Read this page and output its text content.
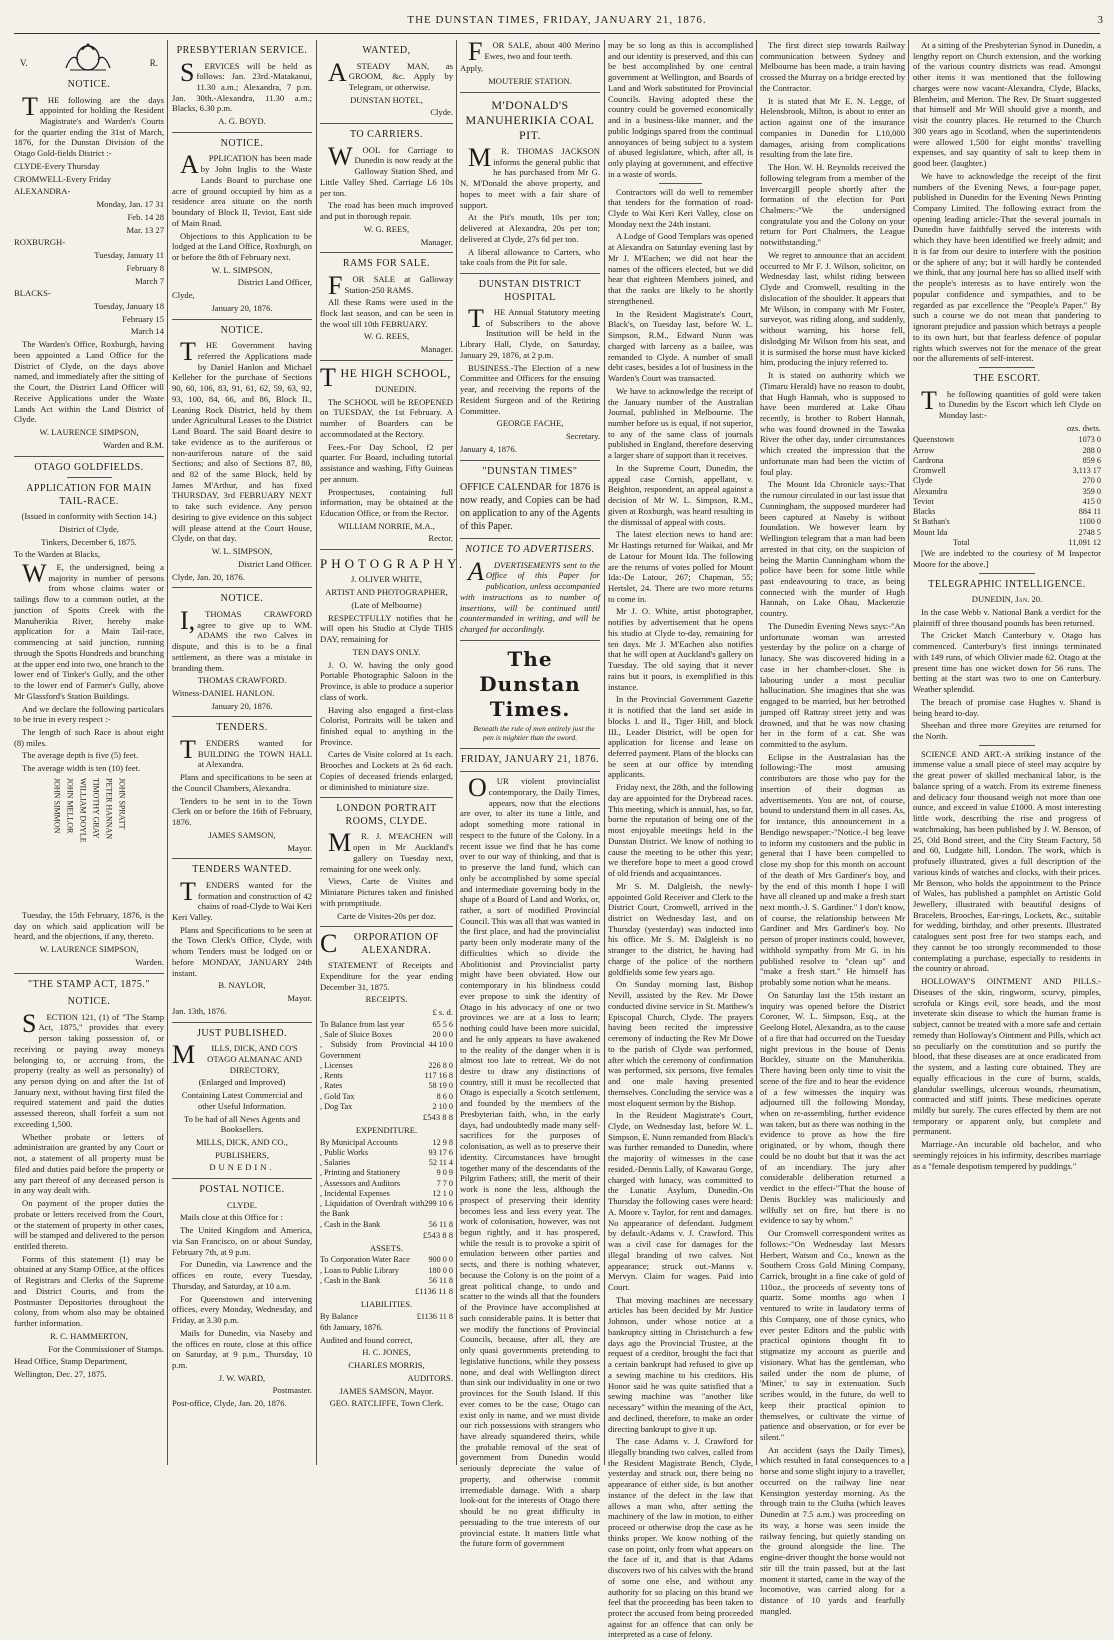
THE DUNSTAN TIMES, FRIDAY, JANUARY 21, 1876.	3
V.	R.
NOTICE.

THE following are the days appointed for holding the Resident Magistrate's and Warden's Courts for the quarter ending the 31st of March, 1876, for the Dunstan Division of the Otago Gold-fields District :-

CLYDE-Every Thursday

CROMWELL-Every Friday

ALEXANDRA-

Monday, Jan. 17 31

Feb. 14 28

Mar. 13 27

ROXBURGH-

Tuesday, January 11

February 8

March 7

BLACKS-

Tuesday, January 18

February 15

March 14

The Warden's Office, Roxburgh, having been appointed a Land Office for the District of Clyde, on the days above named, and immediately after the sitting of the Court, the District Land Officer will Receive Applications under the Waste Lands Act within the Land District of Clyde.

W. LAURENCE SIMPSON,

Warden and R.M.

OTAGO GOLDFIELDS.
APPLICATION FOR MAIN TAIL-RACE.

(Issued in conformity with Section 14.)

District of Clyde,

Tinkers, December 6, 1875.

To the Warden at Blacks,

WE, the undersigned, being a majority in number of persons from whose claims water or tailings flow to a common outlet, at the junction of Spotts Creek with the Manuherikia River, hereby make application for a Main Tail-race, commencing at said junction, running through the Spotts Hundreds and branching at the upper end into two, one branch to the lower end of Tinker's Gully, and the other to the lower end of Farmer's Gully, above Mr Glassford's Station Buildings.

And we declare the following particulars to be true in every respect :-

The length of such Race is about eight (8) miles.

The average depth is five (5) feet.

The average width is ten (10) feet.

JOHN SPRATT
PETER HANNAN
TIMOTHY GRAY
WILLIAM DOYLE
JOHN MELLOR
JOHN SIMMON

Tuesday, the 15th February, 1876, is the day on which said application will be heard, and the objections, if any, thereto.

W. LAURENCE SIMPSON,

Warden.

"THE STAMP ACT, 1875."
NOTICE.

SECTION 121, (1) of "The Stamp Act, 1875," provides that every person taking possession of, or receiving or paying away moneys belonging to, or accruing from, the property (realty as well as personalty) of any person dying on and after the 1st of January next, without having first filed the required statement and paid the duties assessed thereon, shall forfeit a sum not exceeding 1,500.

Whether probate or letters of administration are granted by any Court or not, a statement of all property must be filed and duties paid before the property or any part thereof of any deceased person is in any way dealt with.

On payment of the proper duties the probate or letters received from the Court, or the statement of property in other cases, will be stamped and delivered to the person entitled thereto.

Forms of this statement (1) may be obtained at any Stamp Office, at the offices of Registrars and Clerks of the Supreme and District Courts, and from the Postmaster Depositories throughout the colony, from whom also may be obtained further information.

R. C. HAMMERTON,

For the Commissioner of Stamps.

Head Office, Stamp Department,

Wellington, Dec. 27, 1875.

PRESBYTERIAN SERVICE.

SERVICES will be held as follows: Jan. 23rd.-Matakanui, 11.30 a.m.; Alexandra, 7 p.m. Jan. 30th.-Alexandra, 11.30 a.m.; Blacks, 6.30 p.m.

A. G. BOYD.

NOTICE.

APPLICATION has been made by John Inglis to the Waste Lands Board to purchase one acre of ground occupied by him as a residence area situate on the north boundary of Block II, Teviot, East side of Main Road.

Objections to this Application to be lodged at the Land Office, Roxburgh, on or before the 8th of February next.

W. L. SIMPSON,

District Land Officer,

Clyde,

January 20, 1876.

NOTICE.

THE Government having referred the Applications made by Daniel Hanlon and Michael Kelleher for the purchase of Sections 90, 60, 106, 83, 91, 61, 62, 59, 63, 92, 93, 100, 84, 66, and 86, Block II., Leaning Rock District, held by them under Agricultural Leases to the District Land Board. The said Board desire to take evidence as to the auriferous or non-auriferous nature of the said Sections; and also of Sections 87, 80, and 82 of the same Block, held by James M'Arthur, and has fixed THURSDAY, 3rd FEBRUARY NEXT to take such evidence. Any person desiring to give evidence on this subject will please attend at the Court House, Clyde, on that day.

W. L. SIMPSON,

District Land Officer.

Clyde, Jan. 20, 1876.

NOTICE.

I,THOMAS CRAWFORD agree to give up to WM. ADAMS the two Calves in dispute, and this is to be a final settlement, as there was a mistake in branding them.

THOMAS CRAWFORD.

Witness-DANIEL HANLON.

January 20, 1876.

TENDERS.

TENDERS wanted for BUILDING the TOWN HALL at Alexandra.

Plans and specifications to be seen at the Council Chambers, Alexandra.

Tenders to be sent in to the Town Clerk on or before the 16th of February, 1876.

JAMES SAMSON,

Mayor.

TENDERS WANTED.

TENDERS wanted for the formation and construction of 42 chains of road-Clyde to Wai Keri Keri Valley.

Plans and Specifications to be seen at the Town Clerk's Office, Clyde, with whom Tenders must be lodged on or before MONDAY, JANUARY 24th instant.

B. NAYLOR,

Mayor.

Jan. 13th, 1876.

JUST PUBLISHED.

MILLS, DICK, AND CO'S OTAGO ALMANAC AND DIRECTORY,

(Enlarged and Improved)

Containing Latest Commercial and other Useful Information.

To be had of all News Agents and Booksellers.

MILLS, DICK, AND CO.,

PUBLISHERS,

DUNEDIN.

POSTAL NOTICE.

CLYDE.

Mails close at this Office for :

The United Kingdom and America, via San Francisco, on or about Sunday, February 7th, at 9 p.m.

For Dunedin, via Lawrence and the offices en route, every Tuesday, Thursday, and Saturday, at 10 a.m.

For Queenstown and intervening offices, every Monday, Wednesday, and Friday, at 3.30 p.m.

Mails for Dunedin, via Naseby and the offices en route, close at this office on Saturday, at 9 p.m., Thursday, 10 p.m.

J. W. WARD,

Postmaster.

Post-office, Clyde, Jan. 20, 1876.

WANTED,

ASTEADY MAN, as GROOM, &c. Apply by Telegram, or otherwise.

DUNSTAN HOTEL,

Clyde.

TO CARRIERS.

WOOL for Carriage to Dunedin is now ready at the Galloway Station Shed, and Little Valley Shed. Carriage L6 10s per ton.

The road has been much improved and put in thorough repair.

W. G. REES,

Manager.

RAMS FOR SALE.

FOR SALE at Galloway Station-250 RAMS.

All these Rams were used in the flock last season, and can be seen in the wool till 10th FEBRUARY.

W. G. REES,

Manager.

THE HIGH SCHOOL,

DUNEDIN.

The SCHOOL will be REOPENED on TUESDAY, the 1st February. A number of Boarders can be accommodated at the Rectory.

Fees.-For Day School, f2 per quarter. For Board, including tutorial assistance and washing, Fifty Guineas per annum.

Prospectuses, containing full information, may be obtained at the Education Office, or from the Rector.

WILLIAM NORRIE, M.A.,

Rector.

PHOTOGRAPHY.

J. OLIVER WHITE,

ARTIST AND PHOTOGRAPHER,

(Late of Melbourne)

RESPECTFULLY notifies that he will open his Studio at Clyde THIS DAY, remaining for

TEN DAYS ONLY.

J. O. W. having the only good Portable Photographic Saloon in the Province, is able to produce a superior class of work.

Having also engaged a first-class Colorist, Portraits will be taken and finished equal to anything in the Province.

Cartes de Visite colored at 1s each. Brooches and Lockets at 2s 6d each. Copies of deceased friends enlarged, or diminished to miniature size.

LONDON PORTRAIT ROOMS, CLYDE.

MR. J. M'EACHEN will open in Mr Auckland's gallery on Tuesday next, remaining for one week only.

Views, Carte de Visites and Miniature Pictures taken and finished with promptitude.

Carte de Visites-20s per doz.

CORPORATION OF ALEXANDRA.

STATEMENT of Receipts and Expenditure for the year ending December 31, 1875.

RECEIPTS.

£ s. d.

To Balance from last year	65 5 6
, Sale of Sluice Boxes	20 0 0
, Subsidy from Provincial Government	44 10 0
, Licenses	226 8 0
, Rents	117 16 8
, Rates	58 19 0
, Gold Tax	8 6 0
, Dog Tax	2 10 0

£543 8 8

EXPENDITURE.

By Municipal Accounts	12 9 8
, Public Works	93 17 6
, Salaries	52 11 4
, Printing and Stationery	9 0 9
, Assessors and Auditors	7 7 0
, Incidental Expenses	12 1 0
, Liquidation of Overdraft with the Bank	299 10 6
, Cash in the Bank	56 11 8

£543 8 8

ASSETS.

To Corporation Water Race	900 0 0
, Loan to Public Library	180 0 0
, Cash in the Bank	56 11 8

£1136 11 8

LIABILITIES.

By Balance	£1136 11 8

6th January, 1876.

Audited and found correct,

H. C. JONES,

CHARLES MORRIS,

AUDITORS.

JAMES SAMSON, Mayor.

GEO. RATCLIFFE, Town Clerk.

FOR SALE, about 400 Merino Ewes, two and four teeth.

Apply,

MOUTERIE STATION.

M'DONALD'S MANUHERIKIA COAL PIT.

MR. THOMAS JACKSON informs the general public that he has purchased from Mr G. N. M'Donald the above property, and hopes to meet with a fair share of support.

At the Pit's mouth, 10s per ton; delivered at Alexandra, 20s per ton; delivered at Clyde, 27s 6d per ton.

A liberal allowance to Carters, who take coals from the Pit for sale.

DUNSTAN DISTRICT HOSPITAL

THE Annual Statutory meeting of Subscribers to the above Institution will be held in the Library Hall, Clyde, on Saturday, January 29, 1876, at 2 p.m.

BUSINESS.-The Election of a new Committee and Officers for the ensuing year, and receiving the reports of the Resident Surgeon and of the Retiring Committee.

GEORGE FACHE,

Secretary.

January 4, 1876.

"DUNSTAN TIMES"

OFFICE CALENDAR for 1876 is now ready, and Copies can be had on application to any of the Agents of this Paper.

NOTICE TO ADVERTISERS.

ADVERTISEMENTS sent to the Office of this Paper for publication, unless accompanied with instructions as to number of insertions, will be continued until countermanded in writing, and will be charged for accordingly.

The Dunstan Times.

Beneath the rule of men entirely just the pen is mightier than the sword.

FRIDAY, JANUARY 21, 1876.

OUR violent provincialist contemporary, the Daily Times, appears, now that the elections are over, to alter its tune a little, and adopt something more rational in respect to the future of the Colony. In a recent issue we find that he has come over to our way of thinking, and that is to preserve the land fund, which can only be accomplished by some special and intermediate governing body in the shape of a Board of Land and Works, or, rather, a sort of modified Provincial Council. This was all that was wanted in the first place, and had the provincialist party been only moderate many of the difficulties which so divide the Abolitionist and Provincialist party might have been obviated. How our contemporary in his blindness could ever propose to sink the identity of Otago in his advocacy of one or two provinces we are at a loss to learn; nothing could have been more suicidal, and he only appears to have awakened to the reality of the danger when it is almost too late to retreat. We do not desire to draw any distinctions of country, still it must be recollected that Otago is especially a Scotch settlement, and founded by the members of the Presbyterian faith, who, in the early days, had undoubtedly made many self-sacrifices for the purposes of colonisation, as well as to preserve their identity. Circumstances have brought together many of the descendants of the Pilgrim Fathers; still, the merit of their work is none the less, although the prospect of preserving their identity becomes less and less every year. The work of colonisation, however, was not begun rightly, and it has prospered, while the result is to provoke a spirit of emulation between other parties and sects, and there is nothing whatever, because the Colony is on the point of a great political change, to undo and scatter to the winds all that the founders of the Province have accomplished at such considerable pains. It is better that we modify the functions of Provincial Councils, because, after all, they are only quasi governments pretending to legislative functions, while they possess none, and deal with Wellington direct than sink our individuality in one or two provinces for the South Island. If this ever comes to be the case, Otago can exist only in name, and we must divide our rich possessions with strangers who have already squandered theirs, while the probable removal of the seat of government from Dunedin would seriously depreciate the value of property, and otherwise commit irremediable damage. With a sharp look-out for the interests of Otago there should be no great difficulty in persuading to the true interests of our provincial estate. It matters little what the future form of government

may be so long as this is accomplished and our identity is preserved, and this can be best accomplished by one central government at Wellington, and Boards of Land and Work substituted for Provincial Councils. Having adopted these the country could be governed economically and in a business-like manner, and the public lodgings spared from the continual annoyances of being subject to a system of abused legislature, which, after all, is only playing at government, and effective in a waste of words.

Contractors will do well to remember that tenders for the formation of road-Clyde to Wai Keri Keri Valley, close on Monday next the 24th instant.

A Lodge of Good Templars was opened at Alexandra on Saturday evening last by Mr J. M'Eachen; we did not hear the names of the officers elected, but we did hear that eighteen Members joined, and that the ranks are likely to be shortly strengthened.

In the Resident Magistrate's Court, Black's, on Tuesday last, before W. L. Simpson, R.M., Edward Nunn was charged with larceny as a bailee, was remanded to Clyde. A number of small debt cases, besides a lot of business in the Warden's Court was transacted.

We have to acknowledge the receipt of the January number of the Australian Journal, published in Melbourne. The number before us is equal, if not superior, to any of the same class of journals published in England, therefore deserving a larger share of support than it receives.

In the Supreme Court, Dunedin, the appeal case Cornish, appellant, v. Beighton, respondent, an appeal against a decision of Mr W. L. Simpson, R.M., given at Roxburgh, was heard resulting in the dismissal of appeal with costs.

The latest election news to hand are: Mr Hastings returned for Waikai, and Mr de Latour for Mount Ida. The following are the returns of votes polled for Mount Ida:-De Latour, 267; Chapman, 55; Hertslet, 24. There are two more returns to come in.

Mr J. O. White, artist photographer, notifies by advertisement that he opens his studio at Clyde to-day, remaining for ten days. Mr J. M'Eachen also notifies that he will open at Auckland's gallery on Tuesday. The old saying that it never rains but it pours, is exemplified in this instance.

In the Provincial Government Gazette it is notified that the land set aside in blocks I. and II., Tiger Hill, and block III., Leader District, will be open for application for license and lease on deferred payment. Plans of the blocks can be seen at our office by intending applicants.

Friday next, the 28th, and the following day are appointed for the Drybread races. This meeting, which is annual, has, so far, borne the reputation of being one of the most enjoyable meetings held in the Dunstan District. We know of nothing to cause the meeting to be other this year; we therefore hope to meet a good crowd of old friends and acquaintances.

Mr S. M. Dalgleish, the newly-appointed Gold Receiver and Clerk to the District Court, Cromwell, arrived in the district on Wednesday last, and on Thursday (yesterday) was inducted into his office. Mr S. M. Dalgleish is no stranger to the district, he having had charge of the police of the northern goldfields some few years ago.

On Sunday morning last, Bishop Nevill, assisted by the Rev. Mr Dowe conducted divine service in St. Matthew's Episcopal Church, Clyde. The prayers having been recited the impressive ceremony of inducting the Rev Mr Dowe to the parish of Clyde was performed, after which the ceremony of confirmation was performed, six persons, five females and one male having presented themselves. Concluding the service was a most eloquent sermon by the Bishop.

In the Resident Magistrate's Court, Clyde, on Wednesday last, before W. L. Simpson, E. Nunn remanded from Black's was further remanded to Dunedin, where the majority of witnesses in the case resided.-Dennis Lally, of Kawarau Gorge, charged with lunacy, was committed to the Lunatic Asylum, Dunedin.-On Thursday the following cases were heard: A. Moore v. Taylor, for rent and damages. No appearance of defendant. Judgment by default.-Adams v. J. Crawford. This was a civil case for damages for the illegal branding of two calves. Not appearance; struck out.-Manns v. Mervyn. Claim for wages. Paid into Court.

That moving machines are necessary articles has been decided by Mr Justice Johnson, under whose notice at a bankruptcy sitting in Christchurch a few days ago the Provincial Trustee, at the request of a creditor, brought the fact that a certain bankrupt had refused to give up a sewing machine to his creditors. His Honor said he was quite satisfied that a sewing machine was "another like necessary" within the meaning of the Act, and declined, therefore, to make an order directing bankrupt to give it up.

The case Adams v. J. Crawford for illegally branding two calves, called from the Resident Magistrate Bench, Clyde, yesterday and struck out, there being no appearance of either side, is but another instance of the defect in the law that allows a man who, after setting the machinery of the law in motion, to either proceed or otherwise drop the case as he thinks proper. We know nothing of the case on point, only from what appears on the face of it, and that is that Adams discovers two of his calves with the brand of some one else, and without any authority for so placing on this brand we feel that the proceeding has been taken to protect the accused from being proceeded against for an offence that can only be interpreted as a case of felony.

The first direct step towards Railway communication between Sydney and Melbourne has been made, a train having crossed the Murray on a bridge erected by the Contractor.

It is stated that Mr E. N. Legge, of Helensbrook, Milton, is about to enter an action against one of the insurance companies in Dunedin for L10,000 damages, arising from complications resulting from the late fire.

The Hon. W. H. Reynolds received the following telegram from a member of the Invercargill people shortly after the formation of the election for Port Chalmers:-"We the undersigned congratulate you and the Colony on your return for Port Chalmers, the League notwithstanding."

We regret to announce that an accident occurred to Mr F. J. Wilson, solicitor, on Wednesday last, whilst riding between Clyde and Cromwell, resulting in the dislocation of the shoulder. It appears that Mr Wilson, in company with Mr Foster, surveyor, was riding along, and suddenly, without warning, his horse fell, dislodging Mr Wilson from his seat, and it is surmised the horse must have kicked him, producing the injury referred to.

It is stated on authority which we (Timaru Herald) have no reason to doubt, that Hugh Hannah, who is supposed to have been murdered at Lake Ohau recently, is brother to Robert Hannah, who was found drowned in the Tawaka River the other day, under circumstances which created the impression that the unfortunate man had been the victim of foul play.

The Mount Ida Chronicle says:-That the rumour circulated in our last issue that Cunningham, the supposed murderer had been captured at Naseby is without foundation. We however learn by Wellington telegram that a man had been arrested in that city, on the suspicion of being the Martin Cunningham whom the police have been for some little while past endeavouring to trace, as being connected with the murder of Hugh Hannah, on Lake Ohau, Mackenzie country.

The Dunedin Evening News says:-"An unfortunate woman was arrested yesterday by the police on a charge of lunacy. She was discovered hiding in a case in her chamber-closet. She is labouring under a most peculiar hallucination. She imagines that she was engaged to be married, but her betrothed jumped off Rattray street jetty and was drowned, and that he was now chasing her in the form of a cat. She was committed to the asylum.

Eclipse in the Australasian has the following:-The most amusing contributors are those who pay for the insertion of their dogmas as advertisements. You are not, of course, bound to understand them in all cases. As, for instance, this announcement in a Bendigo newspaper:-"Notice.-I beg leave to inform my customers and the public in general that I have been compelled to close my shop for this month on account of the death of Mrs Gardiner's boy, and by the end of this month I hope I will have all cleaned up and make a fresh start next month.-J. S. Gardiner." I don't know, of course, the relationship between Mr Gardiner and Mrs Gardiner's boy. No person of proper instincts could, however, withhold sympathy from Mr G. in his published resolve to "clean up" and "make a fresh start." He himself has probably some notion what he means.

On Saturday last the 15th instant an inquiry was opened before the District Coroner, W. L. Simpson, Esq., at the Geelong Hotel, Alexandra, as to the cause of a fire that had occurred on the Tuesday night previous in the house of Denis Buckley, situate on the Manuherikia. There having been only time to visit the scene of the fire and to hear the evidence of a few witnesses the inquiry was adjourned till the following Monday, when on re-assembling, further evidence was taken, but as there was nothing in the evidence to prove as how the fire originated, or by whom, though there could be no doubt but that it was the act of an incendiary. The jury after considerable deliberation returned a verdict to the effect-"That the house of Denis Buckley was maliciously and wilfully set on fire, but there is no evidence to say by whom."

Our Cromwell correspondent writes as follows:-"On Wednesday last Messrs Herbert, Watson and Co., known as the Southern Cross Gold Mining Company, Carrick, brought in a fine cake of gold of 110oz., the proceeds of seventy tons of quartz. Some months ago when I ventured to write in laudatory terms of this Company, one of those cynics, who ever pester Editors and the public with practical opinions thought fit to stigmatize my account as puerile and visionary. What has the gentleman, who sailed under the nom de plume, of 'Miner,' to say in extenuation. Such scribes would, in the future, do well to keep their practical opinion to themselves, or cultivate the virtue of patience and observation, or for ever be silent."

An accident (says the Daily Times), which resulted in fatal consequences to a horse and some slight injury to a traveller, occurred on the railway line near Kensington yesterday morning. As the through train to the Clutha (which leaves Dunedin at 7.5 a.m.) was proceeding on its way, a horse was seen inside the railway fencing, but quietly standing on the ground alongside the line. The engine-driver thought the horse would not stir till the train passed, but at the last moment it started, came in the way of the locomotive, was carried along for a distance of 10 yards and fearfully mangled.

At a sitting of the Presbyterian Synod in Dunedin, a lengthy report on Church extension, and the working of the various country districts was read. Amongst other items it was mentioned that the following charges were now vacant-Alexandra, Clyde, Blacks, Blenheim, and Merton. The Rev. Dr Stuart suggested that himself and Mr Will should give a month, and visit the country places. He returned to the Church 300 years ago in Scotland, when the superintendents were allowed 1,500 for eight months' travelling expenses, and say quantity of salt to keep them in good beer. (laughter.)

We have to acknowledge the receipt of the first numbers of the Evening News, a four-page paper, published in Dunedin for the Evening News Printing Company Limited. The following extract from the opening leading article:-That the several journals in Dunedin have faithfully served the interests with which they have been identified we freely admit; and it is far from our desire to interfere with the position or the sphere of any; but it will hardly be contended we think, that any journal here has so allied itself with the people's interests as to have entirely won the popular confidence and sympathies, and to be regarded as par excellence the "People's Paper." By such a course we do not mean that pandering to ignorant prejudice and passion which betrays a people to its own hurt, but that fearless defence of popular rights which swerves not for the menace of the great nor the allurements of self-interest.

THE ESCORT.

The following quantities of gold were taken to Dunedin by the Escort which left Clyde on Monday last:-

ozs. dwts.

Queenstown	1073 0
Arrow	288 0
Cardrona	859 6
Cromwell	3,113 17
Clyde	270 0
Alexandra	359 0
Teviot	415 0
Blacks	884 11
St Bathan's	1100 0
Mount Ida	2748 5
Total	11,091 12

[We are indebted to the courtesy of M Inspector Moore for the above.]

TELEGRAPHIC INTELLIGENCE.

DUNEDIN, Jan. 20.

In the case Webb v. National Bank a verdict for the plaintiff of three thousand pounds has been returned.

The Cricket Match Canterbury v. Otago has commenced. Canterbury's first innings terminated with 149 runs, of which Olivier made 62. Otago at the present time has one wicket down for 56 runs. The betting at the start was two to one on Canterbury. Weather splendid.

The breach of promise case Hughes v. Shand is being heard to-day.

Sheehan and three more Greyites are returned for the North.

SCIENCE AND ART.-A striking instance of the immense value a small piece of steel may acquire by the great power of skilled mechanical labor, is the balance spring of a watch. From its extreme fineness and delicacy four thousand weigh not more than one ounce, and exceed in value £1000. A most interesting little work, describing the rise and progress of watchmaking, has been published by J. W. Benson, of 25, Old Bond street, and the City Steam Factory, 58 and 60, Ludgate hill, London. The work, which is profusely illustrated, gives a full description of the various kinds of watches and clocks, with their prices. Mr Benson, who holds the appointment to the Prince of Wales, has published a pamphlet on Artistic Gold Jewellery, illustrated with beautiful designs of Bracelets, Brooches, Ear-rings, Lockets, &c., suitable for wedding, birthday, and other presents. Illustrated catalogues sent post free for two stamps each, and they cannot be too strongly recommended to those contemplating a purchase, especially to residents in the country or abroad.

HOLLOWAY'S OINTMENT AND PILLS.-Diseases of the skin, ringworm, scurvy, pimples, scrofula or Kings evil, sore heads, and the most inveterate skin disease to which the human frame is subject, cannot be treated with a more safe and certain remedy than Holloway's Ointment and Pills, which act so peculiarly on the constitution and so purify the blood, that these diseases are at once eradicated from the system, and a lasting cure obtained. They are equally efficacious in the cure of burns, scalds, glandular swellings, ulcerous wounds, rheumatism, contracted and stiff joints. These medicines operate mildly but surely. The cures effected by them are not temporary or apparent only, but complete and permanent.

Marriage.-An incurable old bachelor, and who seemingly rejoices in his infirmity, describes marriage as a "female despotism tempered by puddings."
